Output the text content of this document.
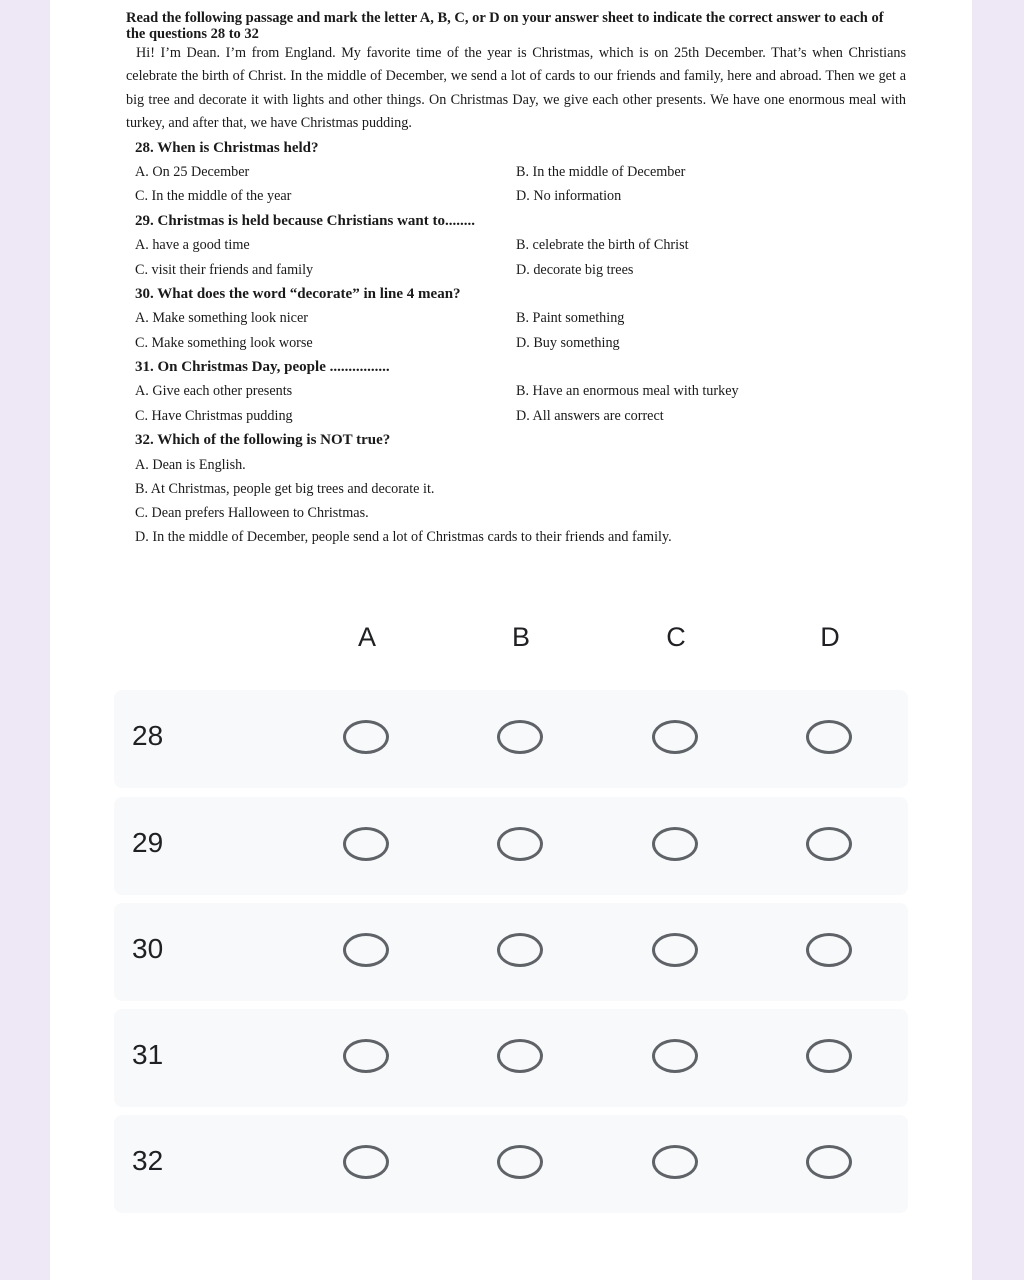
Read the following passage and mark the letter A, B, C, or D on your answer sheet to indicate the correct answer to each of the questions 28 to 32

Hi! I’m Dean. I’m from England. My favorite time of the year is Christmas, which is on 25th December. That’s when Christians celebrate the birth of Christ. In the middle of December, we send a lot of cards to our friends and family, here and abroad. Then we get a big tree and decorate it with lights and other things. On Christmas Day, we give each other presents. We have one enormous meal with turkey, and after that, we have Christmas pudding.

28. When is Christmas held?

A. On 25 December	B. In the middle of December
C. In the middle of the year	D. No information

29. Christmas is held because Christians want to........

A. have a good time	B. celebrate the birth of Christ
C. visit their friends and family	D. decorate big trees

30. What does the word “decorate” in line 4 mean?

A. Make something look nicer	B. Paint something
C. Make something look worse	D. Buy something

31. On Christmas Day, people ................

A. Give each other presents	B. Have an enormous meal with turkey
C. Have Christmas pudding	D. All answers are correct

32. Which of the following is NOT true?

A. Dean is English.
B. At Christmas, people get big trees and decorate it.
C. Dean prefers Halloween to Christmas.
D. In the middle of December, people send a lot of Christmas cards to their friends and family.
A	B	C	D
28
29
30
31
32
